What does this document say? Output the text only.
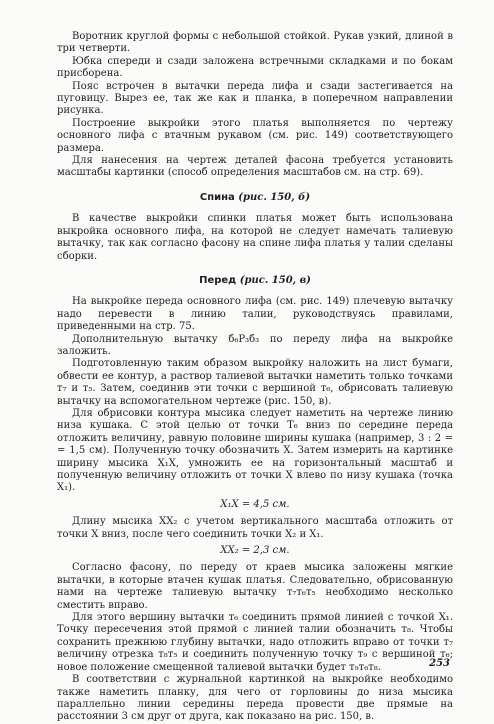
Воротник круглой формы с небольшой стойкой. Рукав узкий, длиной в три четверти.

Юбка спереди и сзади заложена встречными складками и по бокам присборена.

Пояс встрочен в вытачки переда лифа и сзади застегивается на пуговицу. Вырез ее, так же как и планка, в поперечном направлении рисунка.

Построение выкройки этого платья выполняется по чертежу основного лифа с втачным рукавом (см. рис. 149) соответствующего размера.

Для нанесения на чертеж деталей фасона требуется установить масштабы картинки (способ определения масштабов см. на стр. 69).

Спина (рис. 150, б)

В качестве выкройки спинки платья может быть использована выкройка основного лифа, на которой не следует намечать талиевую вытачку, так как согласно фасону на спине лифа платья у талии сделаны сборки.

Перед (рис. 150, в)

На выкройке переда основного лифа (см. рис. 149) плечевую вытачку надо перевести в линию талии, руководствуясь правилами, приведенными на стр. 75.

Дополнительную вытачку б₆Р₃б₃ по переду лифа на выкройке заложить.

Подготовленную таким образом выкройку наложить на лист бумаги, обвести ее контур, а раствор талиевой вытачки наметить только точками т₇ и т₅. Затем, соединив эти точки с вершиной т₆, обрисовать талиевую вытачку на вспомогательном чертеже (рис. 150, в).

Для обрисовки контура мысика следует наметить на чертеже линию низа кушака. С этой целью от точки Т₆ вниз по середине переда отложить величину, равную половине ширины кушака (например, 3 : 2 = = 1,5 см). Полученную точку обозначить Х. Затем измерить на картинке ширину мысика X₁X, умножить ее на горизонтальный масштаб и полученную величину отложить от точки Х влево по низу кушака (точка X₁).

X₁X = 4,5 см.

Длину мысика ХХ₂ с учетом вертикального масштаба отложить от точки Х вниз, после чего соединить точки Х₂ и X₁.

XX₂ = 2,3 см.

Согласно фасону, по переду от краев мысика заложены мягкие вытачки, в которые втачен кушак платья. Следовательно, обрисованную нами на чертеже талиевую вытачку т₇т₆т₅ необходимо несколько сместить вправо.

Для этого вершину вытачки т₆ соединить прямой линией с точкой X₁. Точку пересечения этой прямой с линией талии обозначить т₈. Чтобы сохранить прежнюю глубину вытачки, надо отложить вправо от точки т₇ величину отрезка т₈т₅ и соединить полученную точку т₉ с вершиной т₆; новое положение смещенной талиевой вытачки будет т₉т₆т₈.

В соответствии с журнальной картинкой на выкройке необходимо также наметить планку, для чего от горловины до низа мысика параллельно линии середины переда провести две прямые на расстоянии 3 см друг от друга, как показано на рис. 150, в.

253
